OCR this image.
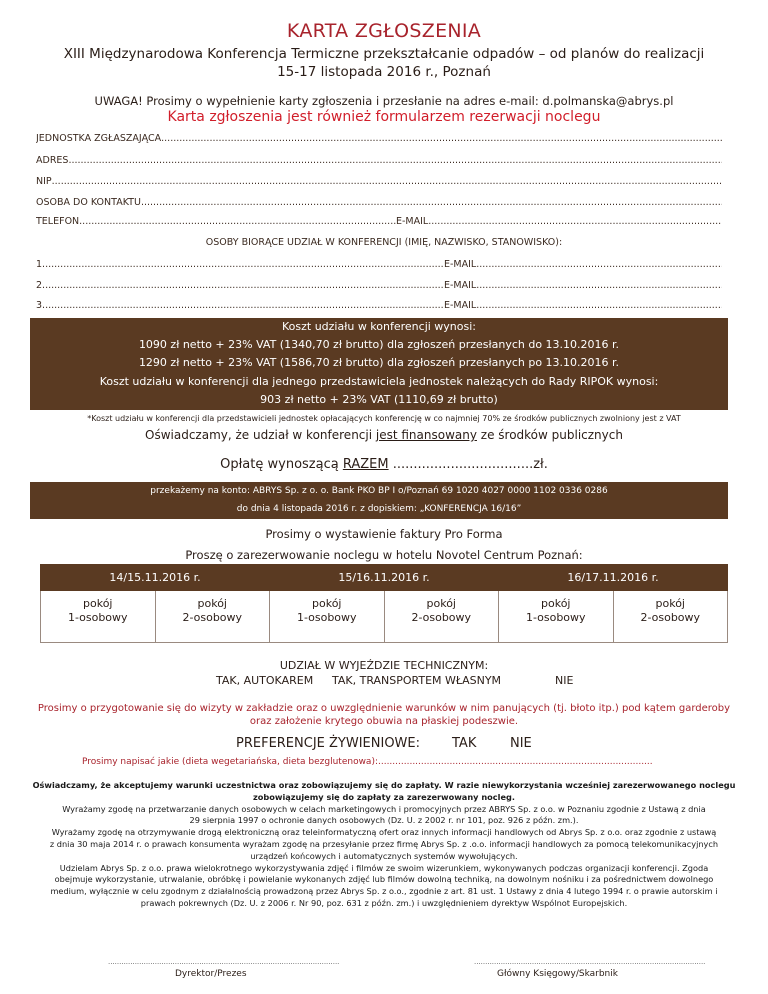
KARTA ZGŁOSZENIA
XIII Międzynarodowa Konferencja Termiczne przekształcanie odpadów – od planów do realizacji
15-17 listopada 2016 r., Poznań
UWAGA! Prosimy o wypełnienie karty zgłoszenia i przesłanie na adres e-mail: d.polmanska@abrys.pl
Karta zgłoszenia jest również formularzem rezerwacji noclegu
JEDNOSTKA ZGŁASZAJĄCA
.....
ADRES
.....
NIP
.....
OSOBA DO KONTAKTU
.....
TELEFON .....	E-MAIL
.....
OSOBY BIORĄCE UDZIAŁ W KONFERENCJI (IMIĘ, NAZWISKO, STANOWISKO):
1. .....	E-MAIL
.....
2. .....	E-MAIL
.....
3. .....	E-MAIL
.....
Koszt udziału w konferencji wynosi:
1090 zł netto + 23% VAT (1340,70 zł brutto) dla zgłoszeń przesłanych do 13.10.2016 r.
1290 zł netto + 23% VAT (1586,70 zł brutto) dla zgłoszeń przesłanych po 13.10.2016 r.
Koszt udziału w konferencji dla jednego przedstawiciela jednostek należących do Rady RIPOK wynosi:
903 zł netto + 23% VAT (1110,69 zł brutto)
*Koszt udziału w konferencji dla przedstawicieli jednostek opłacających konferencję w co najmniej 70% ze środków publicznych zwolniony jest z VAT
Oświadczamy, że udział w konferencji jest finansowany ze środków publicznych
Opłatę wynoszącą RAZEM ..................................zł.
przekażemy na konto: ABRYS Sp. z o. o. Bank PKO BP I o/Poznań 69 1020 4027 0000 1102 0336 0286
do dnia 4 listopada 2016 r. z dopiskiem: „KONFERENCJA 16/16”
Prosimy o wystawienie faktury Pro Forma
Proszę o zarezerwowanie noclegu w hotelu Novotel Centrum Poznań:
14/15.11.2016 r.		15/16.11.2016 r.		16/17.11.2016 r.	
pokój
1-osobowy	pokój
2-osobowy	pokój
1-osobowy	pokój
2-osobowy	pokój
1-osobowy	pokój
2-osobowy
UDZIAŁ W WYJEŹDZIE TECHNICZNYM:
TAK, AUTOKAREM TAK, TRANSPORTEM WŁASNYM	NIE
Prosimy o przygotowanie się do wizyty w zakładzie oraz o uwzględnienie warunków w nim panujących (tj. błoto itp.) pod kątem garderoby
oraz założenie krytego obuwia na płaskiej podeszwie.
PREFERENCJE ŻYWIENIOWE: TAK	NIE
Prosimy napisać jakie (dieta wegetariańska, dieta bezglutenowa):................................................................................................
Oświadczamy, że akceptujemy warunki uczestnictwa oraz zobowiązujemy się do zapłaty. W razie niewykorzystania wcześniej zarezerwowanego noclegu
zobowiązujemy się do zapłaty za zarezerwowany nocleg.
Wyrażamy zgodę na przetwarzanie danych osobowych w celach marketingowych i promocyjnych przez ABRYS Sp. z o.o. w Poznaniu zgodnie z Ustawą z dnia
29 sierpnia 1997 o ochronie danych osobowych (Dz. U. z 2002 r. nr 101, poz. 926 z późn. zm.).
Wyrażamy zgodę na otrzymywanie drogą elektroniczną oraz teleinformatyczną ofert oraz innych informacji handlowych od Abrys Sp. z o.o. oraz zgodnie z ustawą
z dnia 30 maja 2014 r. o prawach konsumenta wyrażam zgodę na przesyłanie przez firmę Abrys Sp. z .o.o. informacji handlowych za pomocą telekomunikacyjnych
urządzeń końcowych i automatycznych systemów wywołujących.
Udzielam Abrys Sp. z o.o. prawa wielokrotnego wykorzystywania zdjęć i filmów ze swoim wizerunkiem, wykonywanych podczas organizacji konferencji. Zgoda
obejmuje wykorzystanie, utrwalanie, obróbkę i powielanie wykonanych zdjęć lub filmów dowolną techniką, na dowolnym nośniku i za pośrednictwem dowolnego
medium, wyłącznie w celu zgodnym z działalnością prowadzoną przez Abrys Sp. z o.o., zgodnie z art. 81 ust. 1 Ustawy z dnia 4 lutego 1994 r. o prawie autorskim i
prawach pokrewnych (Dz. U. z 2006 r. Nr 90, poz. 631 z późn. zm.) i uwzględnieniem dyrektyw Wspólnot Europejskich.
........................................................................................................	........................................................................................................
Dyrektor/Prezes	Główny Księgowy/Skarbnik
